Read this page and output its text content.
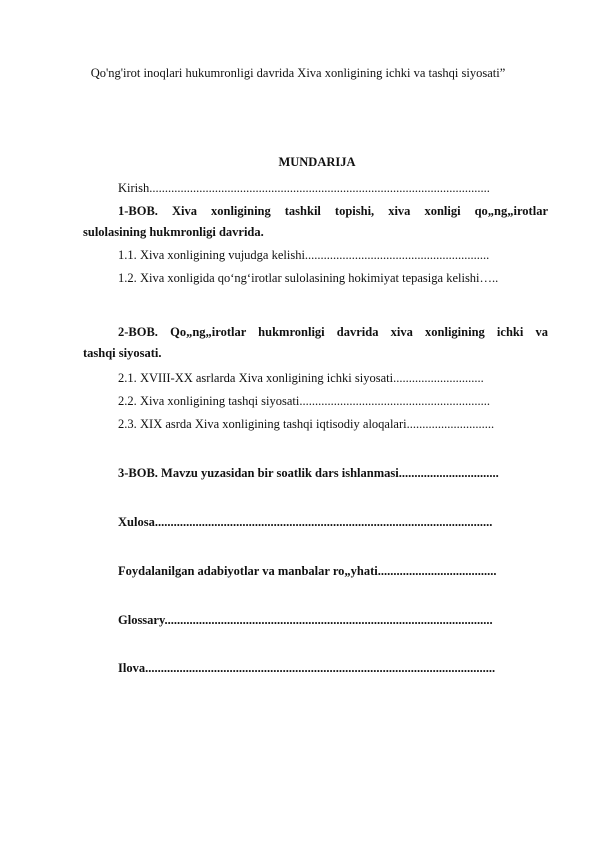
Qo'ng'irot inoqlari hukumronligi davrida Xiva xonligining ichki va tashqi siyosati”
MUNDARIJA
Kirish.............................................................................................................
1-BOB. Xiva xonligining tashkil topishi, xiva xonligi qo„ng„irotlar
sulolasining hukmronligi davrida.
1.1. Xiva xonligining vujudga kelishi...........................................................
1.2. Xiva xonligida qo‘ng‘irotlar sulolasining hokimiyat tepasiga kelishi…..
2-BOB. Qo„ng„irotlar hukmronligi davrida xiva xonligining ichki va
tashqi siyosati.
2.1. XVIII-XX asrlarda Xiva xonligining ichki siyosati.............................
2.2. Xiva xonligining tashqi siyosati.............................................................
2.3. XIX asrda Xiva xonligining tashqi iqtisodiy aloqalari............................
3-BOB. Mavzu yuzasidan bir soatlik dars ishlanmasi................................
Xulosa............................................................................................................
Foydalanilgan adabiyotlar va manbalar ro„yhati......................................
Glossary.........................................................................................................
Ilova................................................................................................................
